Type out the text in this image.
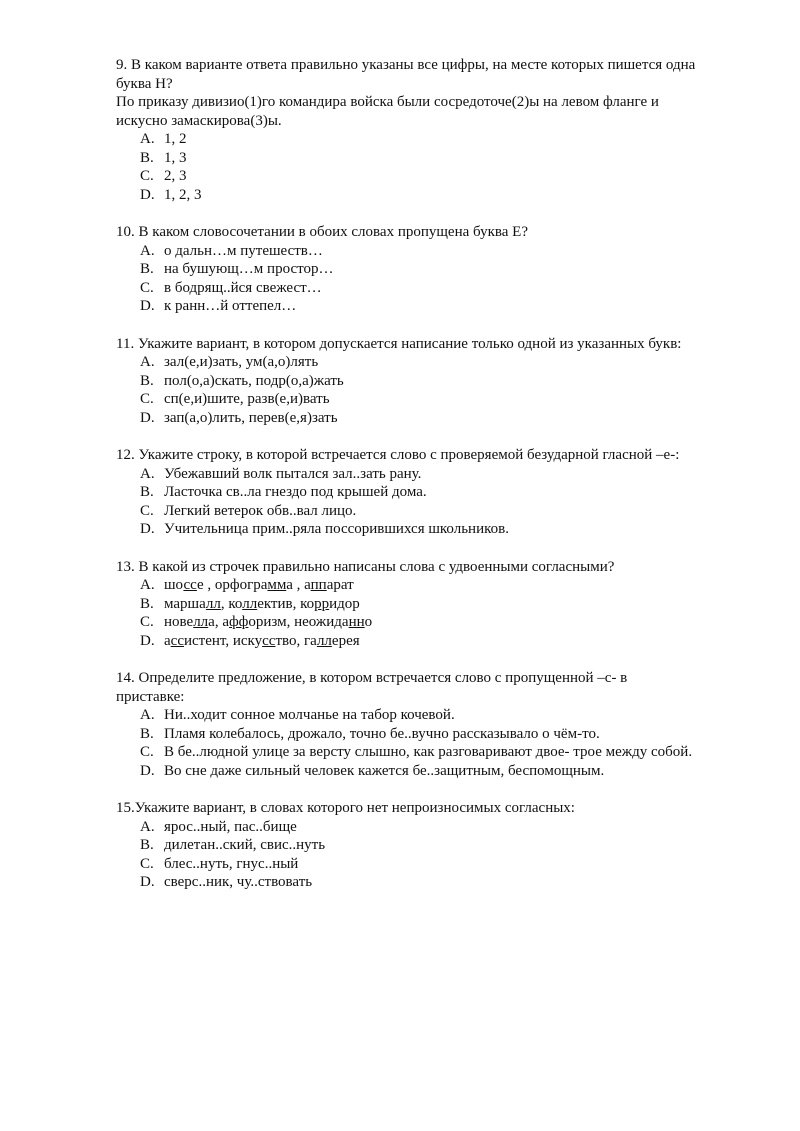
9. В каком варианте ответа правильно указаны все цифры, на месте которых пишется одна

буква Н?

По приказу дивизио(1)го командира войска были сосредоточе(2)ы на левом фланге и

искусно замаскирова(3)ы.

A. 1, 2
B. 1, 3
C. 2, 3
D. 1, 2, 3

10. В каком словосочетании в обоих словах пропущена буква Е?

A. о дальн…м путешеств…
B. на бушующ…м простор…
C. в бодрящ..йся свежест…
D. к ранн…й оттепел…

11. Укажите вариант, в котором допускается написание только одной из указанных букв:

A. зал(е,и)зать, ум(а,о)лять
B. пол(о,а)скать, подр(о,а)жать
C. сп(е,и)шите, разв(е,и)вать
D. зап(а,о)лить, перев(е,я)зать

12. Укажите строку, в которой встречается слово с проверяемой безударной гласной –е-:

A. Убежавший волк пытался зал..зать рану.
B. Ласточка св..ла гнездо под крышей дома.
C. Легкий ветерок обв..вал лицо.
D. Учительница прим..ряла поссорившихся школьников.

13. В какой из строчек правильно написаны слова с удвоенными согласными?

A. шоссе , орфограмма , аппарат
B. маршалл, коллектив, корридор
C. новелла, аффоризм, неожиданно
D. ассистент, искусство, галлерея

14. Определите предложение, в котором встречается слово с пропущенной –с- в

приставке:

A. Ни..ходит сонное молчанье на табор кочевой.
B. Пламя колебалось, дрожало, точно бе..вучно рассказывало о чём-то.
C. В бе..людной улице за версту слышно, как разговаривают двое- трое между собой.
D. Во сне даже сильный человек кажется бе..защитным, беспомощным.

15.Укажите вариант, в словах которого нет непроизносимых согласных:

A. ярос..ный, пас..бище
B. дилетан..ский, свис..нуть
C. блес..нуть, гнус..ный
D. сверс..ник, чу..ствовать
